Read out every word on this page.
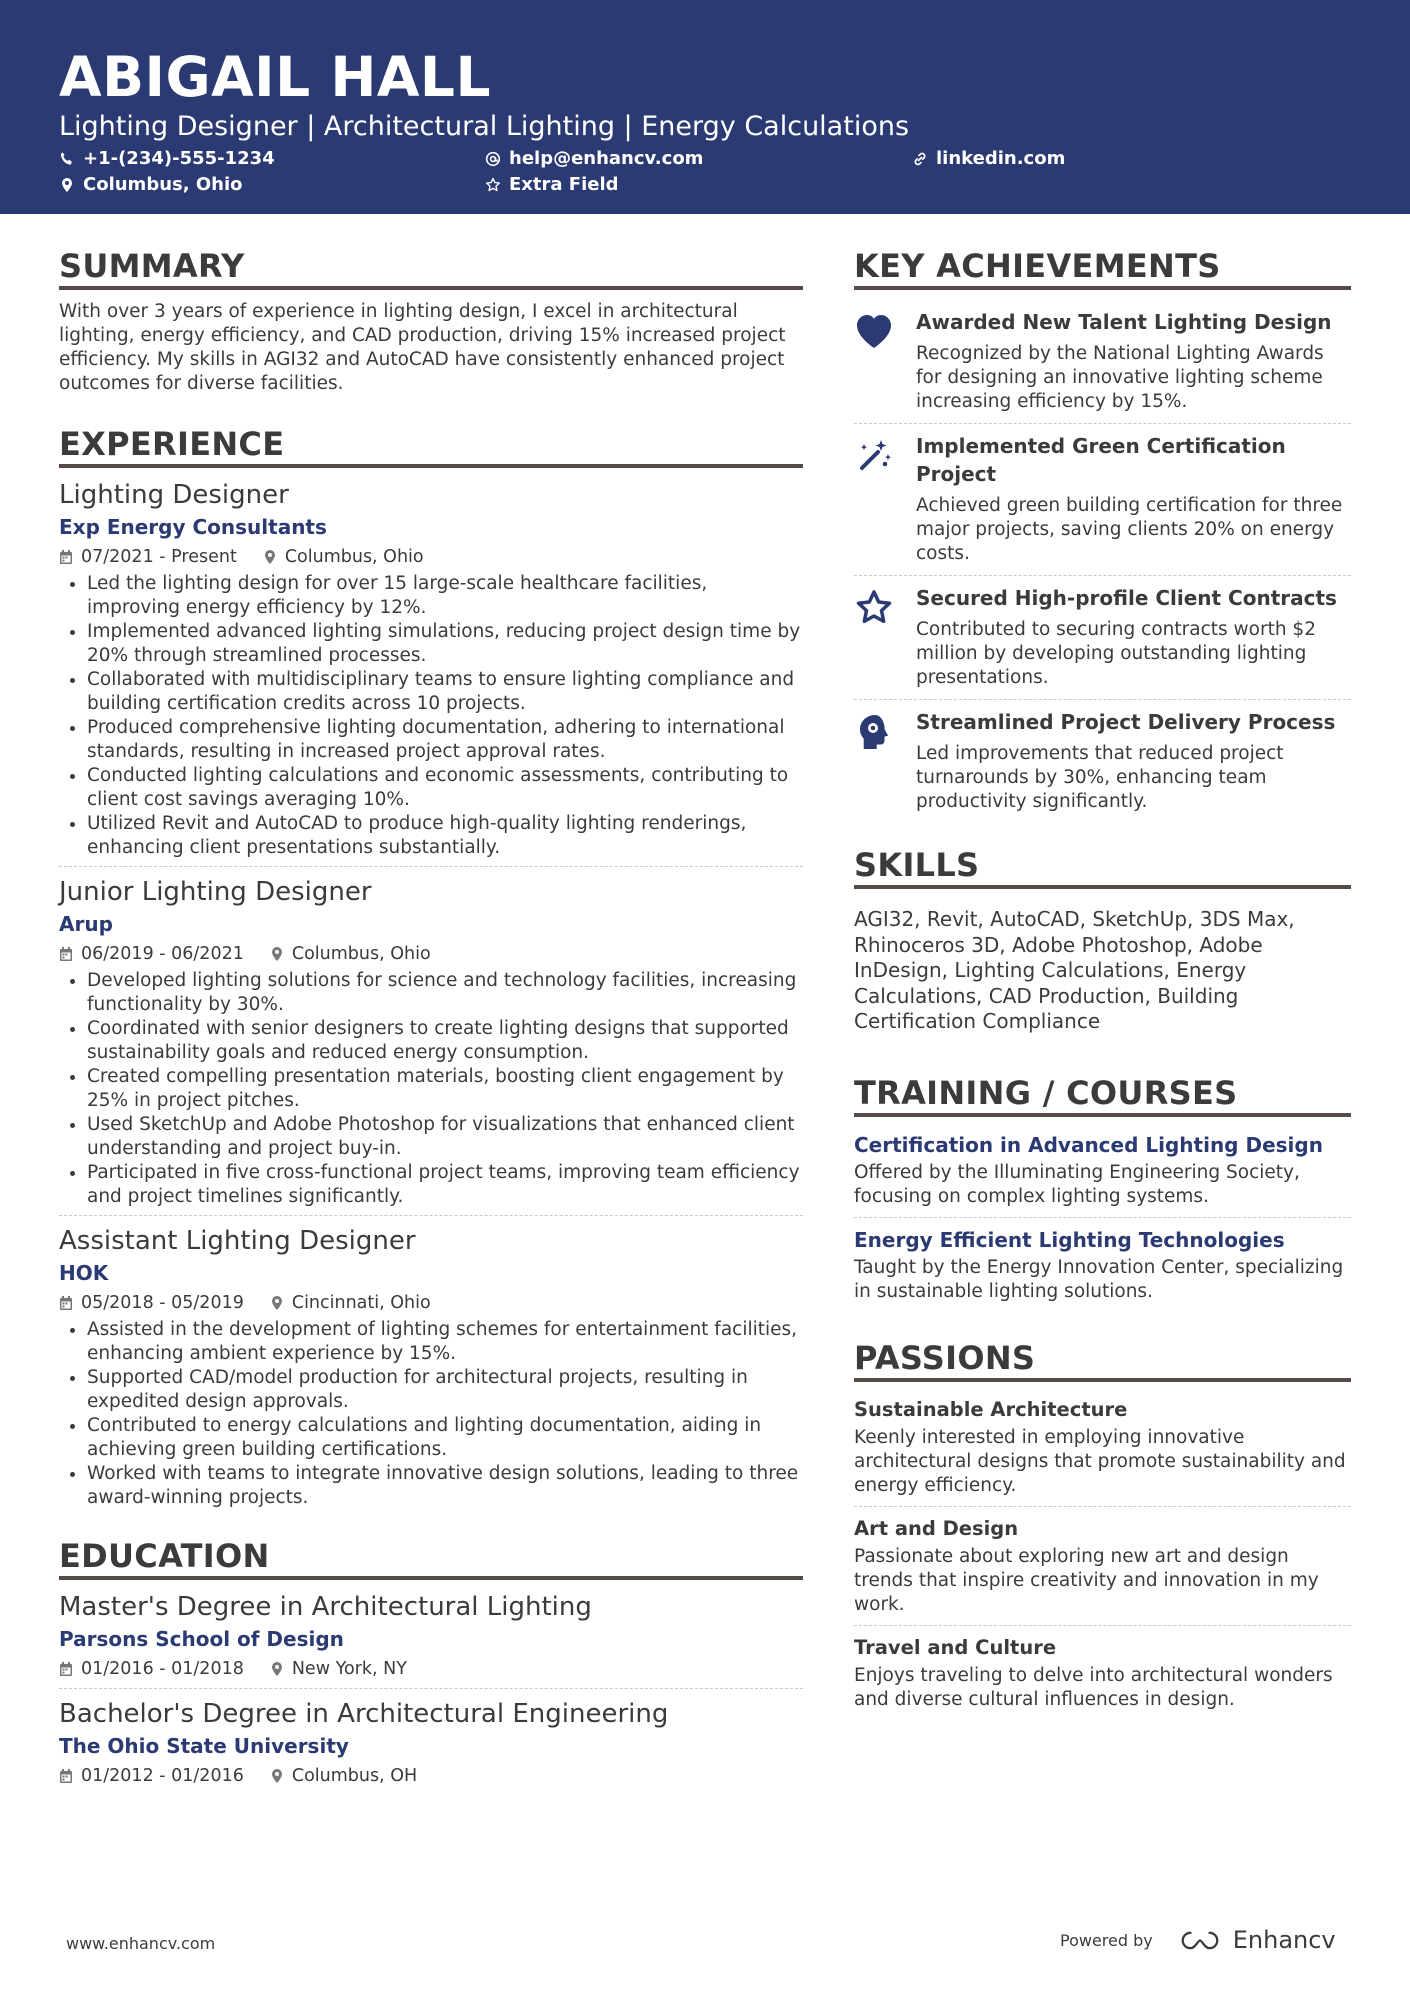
ABIGAIL HALL
Lighting Designer | Architectural Lighting | Energy Calculations
+1-(234)-555-1234	help@enhancv.com	linkedin.com
Columbus, Ohio	Extra Field
SUMMARY

With over 3 years of experience in lighting design, I excel in architectural lighting, energy efficiency, and CAD production, driving 15% increased project efficiency. My skills in AGI32 and AutoCAD have consistently enhanced project outcomes for diverse facilities.

EXPERIENCE
Lighting Designer
Exp Energy Consultants
07/2021 - Present	Columbus, Ohio
• Led the lighting design for over 15 large-scale healthcare facilities, improving energy efficiency by 12%.
• Implemented advanced lighting simulations, reducing project design time by 20% through streamlined processes.
• Collaborated with multidisciplinary teams to ensure lighting compliance and building certification credits across 10 projects.
• Produced comprehensive lighting documentation, adhering to international standards, resulting in increased project approval rates.
• Conducted lighting calculations and economic assessments, contributing to client cost savings averaging 10%.
• Utilized Revit and AutoCAD to produce high-quality lighting renderings, enhancing client presentations substantially.
Junior Lighting Designer
Arup
06/2019 - 06/2021	Columbus, Ohio
• Developed lighting solutions for science and technology facilities, increasing functionality by 30%.
• Coordinated with senior designers to create lighting designs that supported sustainability goals and reduced energy consumption.
• Created compelling presentation materials, boosting client engagement by 25% in project pitches.
• Used SketchUp and Adobe Photoshop for visualizations that enhanced client understanding and project buy-in.
• Participated in five cross-functional project teams, improving team efficiency and project timelines significantly.
Assistant Lighting Designer
HOK
05/2018 - 05/2019	Cincinnati, Ohio
• Assisted in the development of lighting schemes for entertainment facilities, enhancing ambient experience by 15%.
• Supported CAD/model production for architectural projects, resulting in expedited design approvals.
• Contributed to energy calculations and lighting documentation, aiding in achieving green building certifications.
• Worked with teams to integrate innovative design solutions, leading to three award-winning projects.
EDUCATION
Master's Degree in Architectural Lighting
Parsons School of Design
01/2016 - 01/2018	New York, NY
Bachelor's Degree in Architectural Engineering
The Ohio State University
01/2012 - 01/2016	Columbus, OH
KEY ACHIEVEMENTS
Awarded New Talent Lighting Design
Recognized by the National Lighting Awards for designing an innovative lighting scheme increasing efficiency by 15%.
Implemented Green Certification Project
Achieved green building certification for three major projects, saving clients 20% on energy costs.
Secured High-profile Client Contracts
Contributed to securing contracts worth $2 million by developing outstanding lighting presentations.
Streamlined Project Delivery Process
Led improvements that reduced project turnarounds by 30%, enhancing team productivity significantly.
SKILLS
AGI32, Revit, AutoCAD, SketchUp, 3DS Max, Rhinoceros 3D, Adobe Photoshop, Adobe InDesign, Lighting Calculations, Energy Calculations, CAD Production, Building Certification Compliance
TRAINING / COURSES
Certification in Advanced Lighting Design
Offered by the Illuminating Engineering Society, focusing on complex lighting systems.
Energy Efficient Lighting Technologies
Taught by the Energy Innovation Center, specializing in sustainable lighting solutions.
PASSIONS
Sustainable Architecture
Keenly interested in employing innovative architectural designs that promote sustainability and energy efficiency.
Art and Design
Passionate about exploring new art and design trends that inspire creativity and innovation in my work.
Travel and Culture
Enjoys traveling to delve into architectural wonders and diverse cultural influences in design.
www.enhancv.com	Powered by	Enhancv
